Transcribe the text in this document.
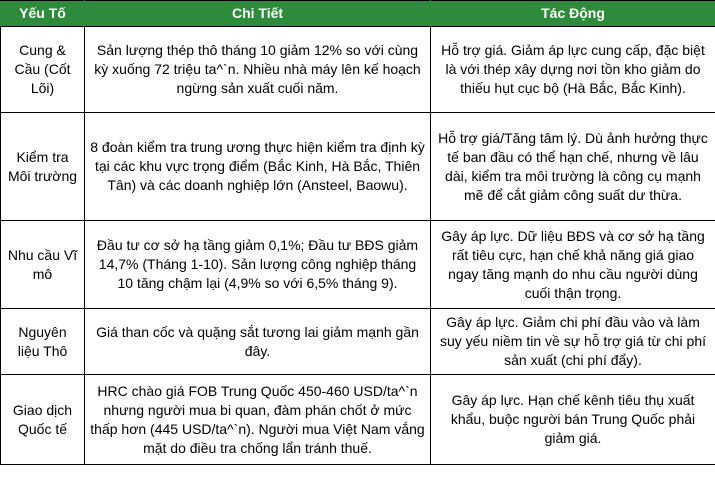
Yếu Tố	Chi Tiết	Tác Động
Cung & Cầu (Cốt Lõi)	Sản lượng thép thô tháng 10 giảm 12% so với cùng kỳ xuống 72 triệu ta^`n. Nhiều nhà máy lên kế hoạch ngừng sản xuất cuối năm.	Hỗ trợ giá. Giảm áp lực cung cấp, đặc biệt là với thép xây dựng nơi tồn kho giảm do thiếu hụt cục bộ (Hà Bắc, Bắc Kinh).
Kiểm tra Môi trường	8 đoàn kiểm tra trung ương thực hiện kiểm tra định kỳ tại các khu vực trọng điểm (Bắc Kinh, Hà Bắc, Thiên Tân) và các doanh nghiệp lớn (Ansteel, Baowu).	Hỗ trợ giá/Tăng tâm lý. Dù ảnh hưởng thực tế ban đầu có thể hạn chế, nhưng về lâu dài, kiểm tra môi trường là công cụ mạnh mẽ để cắt giảm công suất dư thừa.
Nhu cầu Vĩ mô	Đầu tư cơ sở hạ tầng giảm 0,1%; Đầu tư BĐS giảm 14,7% (Tháng 1-10). Sản lượng công nghiệp tháng 10 tăng chậm lại (4,9% so với 6,5% tháng 9).	Gây áp lực. Dữ liệu BĐS và cơ sở hạ tầng rất tiêu cực, hạn chế khả năng giá giao ngay tăng mạnh do nhu cầu người dùng cuối thận trọng.
Nguyên liệu Thô	Giá than cốc và quặng sắt tương lai giảm mạnh gần đây.	Gây áp lực. Giảm chi phí đầu vào và làm suy yếu niềm tin về sự hỗ trợ giá từ chi phí sản xuất (chi phí đẩy).
Giao dịch Quốc tế	HRC chào giá FOB Trung Quốc 450-460 USD/ta^`n nhưng người mua bi quan, đàm phán chốt ở mức thấp hơn (445 USD/ta^`n). Người mua Việt Nam vắng mặt do điều tra chống lẩn tránh thuế.	Gây áp lực. Hạn chế kênh tiêu thụ xuất khẩu, buộc người bán Trung Quốc phải giảm giá.
